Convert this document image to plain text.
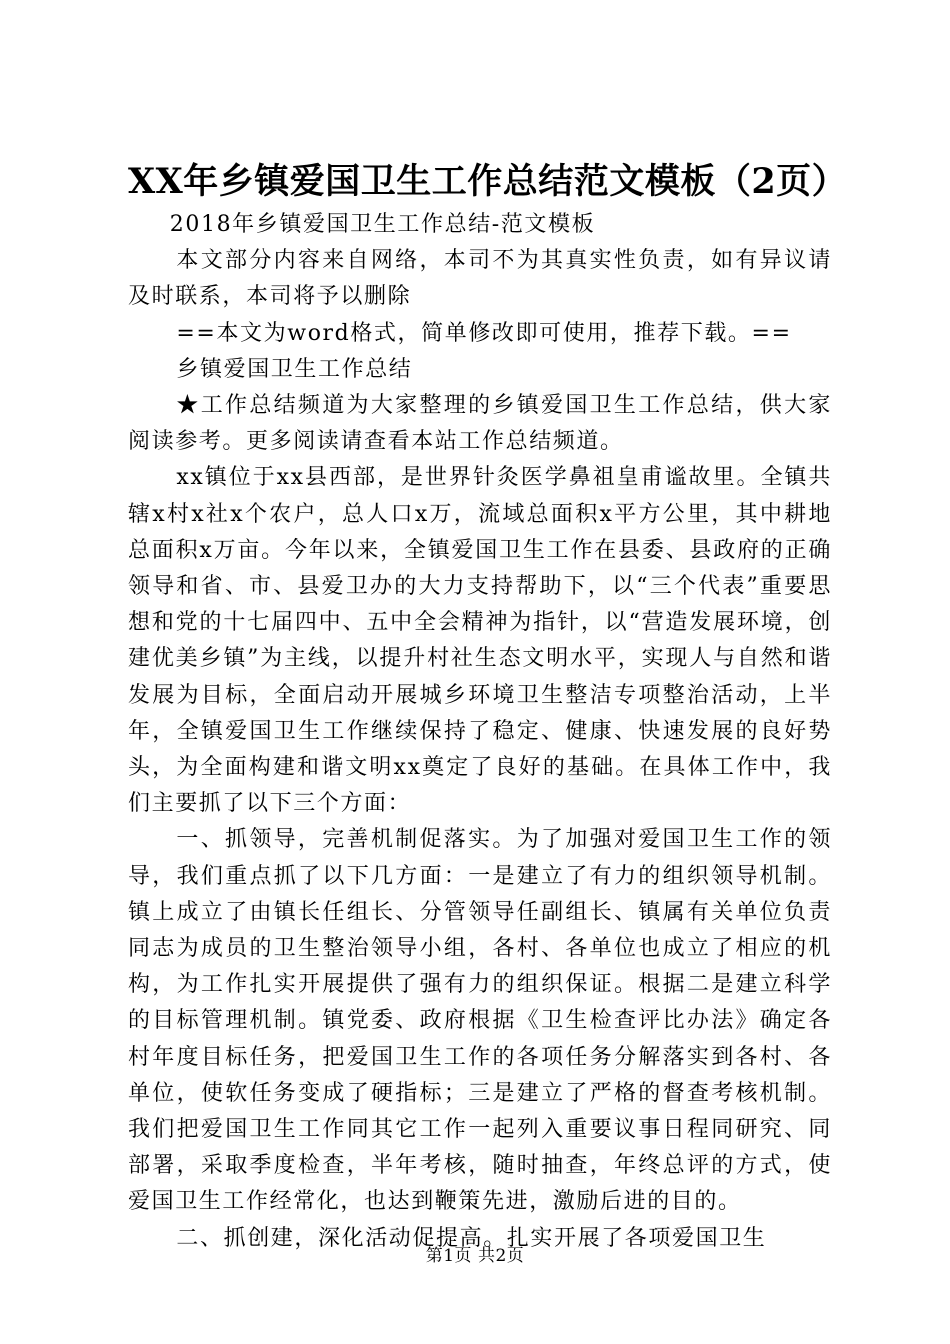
XX年乡镇爱国卫生工作总结范文模板（2页）

2018年乡镇爱国卫生工作总结-范文模板

本文部分内容来自网络，本司不为其真实性负责，如有异议请及时联系，本司将予以删除

==本文为word格式，简单修改即可使用，推荐下载。==

乡镇爱国卫生工作总结

★工作总结频道为大家整理的乡镇爱国卫生工作总结，供大家阅读参考。更多阅读请查看本站工作总结频道。

xx镇位于xx县西部，是世界针灸医学鼻祖皇甫谧故里。全镇共辖x村x社x个农户，总人口x万，流域总面积x平方公里，其中耕地总面积x万亩。今年以来，全镇爱国卫生工作在县委、县政府的正确领导和省、市、县爱卫办的大力支持帮助下，以“三个代表”重要思想和党的十七届四中、五中全会精神为指针，以“营造发展环境，创建优美乡镇”为主线，以提升村社生态文明水平，实现人与自然和谐发展为目标，全面启动开展城乡环境卫生整洁专项整治活动，上半年，全镇爱国卫生工作继续保持了稳定、健康、快速发展的良好势头，为全面构建和谐文明xx奠定了良好的基础。在具体工作中，我们主要抓了以下三个方面：

一、抓领导，完善机制促落实。为了加强对爱国卫生工作的领导，我们重点抓了以下几方面：一是建立了有力的组织领导机制。镇上成立了由镇长任组长、分管领导任副组长、镇属有关单位负责同志为成员的卫生整治领导小组，各村、各单位也成立了相应的机构，为工作扎实开展提供了强有力的组织保证。根据二是建立科学的目标管理机制。镇党委、政府根据《卫生检查评比办法》确定各村年度目标任务，把爱国卫生工作的各项任务分解落实到各村、各单位，使软任务变成了硬指标；三是建立了严格的督查考核机制。我们把爱国卫生工作同其它工作一起列入重要议事日程同研究、同部署，采取季度检查，半年考核，随时抽查，年终总评的方式，使爱国卫生工作经常化，也达到鞭策先进，激励后进的目的。

二、抓创建，深化活动促提高。扎实开展了各项爱国卫生

第1页 共2页
